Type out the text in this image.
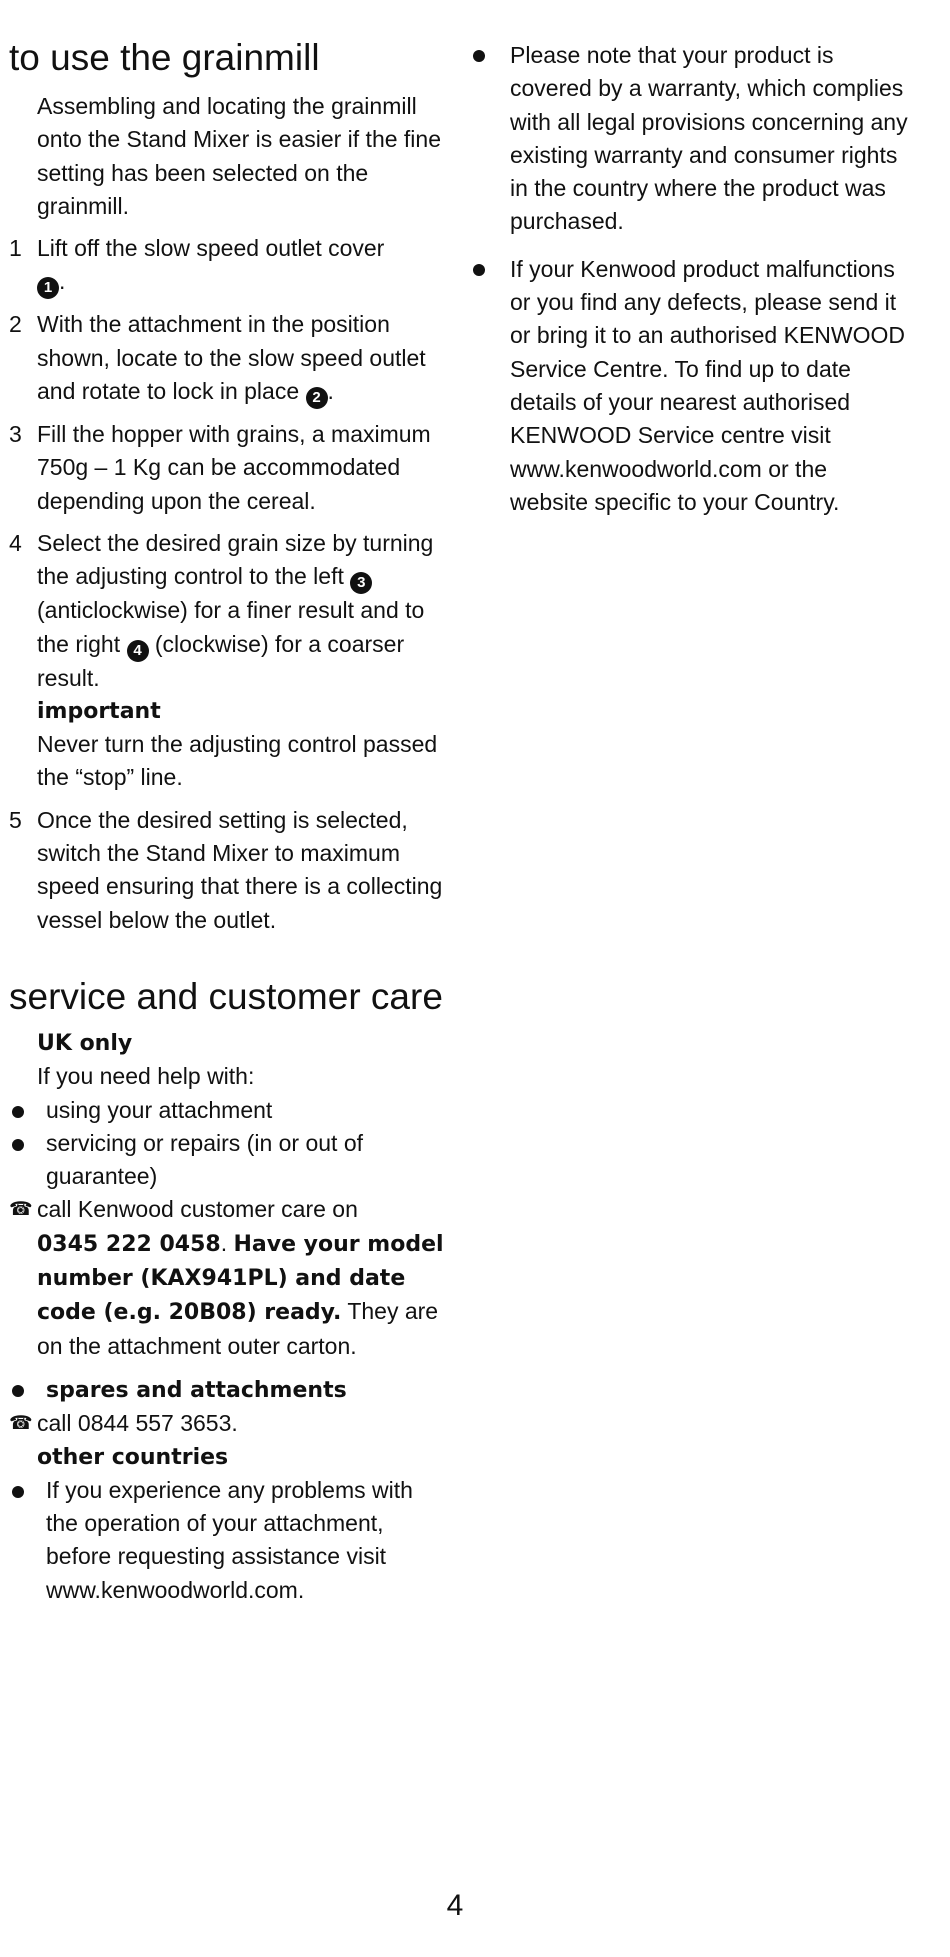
to use the grainmill

Assembling and locating the grainmill onto the Stand Mixer is easier if the fine setting has been selected on the grainmill.

1 Lift off the slow speed outlet cover
1 .
2 With the attachment in the position shown, locate to the slow speed outlet and rotate to lock in place 2 .
3 Fill the hopper with grains, a maximum 750g – 1 Kg can be accommodated depending upon the cereal.
4 Select the desired grain size by turning the adjusting control to the left 3 (anticlockwise) for a finer result and to the right 4 (clockwise) for a coarser result.
important
Never turn the adjusting control passed the “stop” line.
5 Once the desired setting is selected, switch the Stand Mixer to maximum speed ensuring that there is a collecting vessel below the outlet.
service and customer care
UK only
If you need help with:
using your attachment
servicing or repairs (in or out of guarantee)
☎ call Kenwood customer care on
0345 222 0458. Have your model number (KAX941PL) and date code (e.g. 20B08) ready. They are on the attachment outer carton.
spares and attachments
☎ call 0844 557 3653.
other countries
If you experience any problems with the operation of your attachment, before requesting assistance visit www.kenwoodworld.com.
Please note that your product is covered by a warranty, which complies with all legal provisions concerning any existing warranty and consumer rights in the country where the product was purchased.
If your Kenwood product malfunctions or you find any defects, please send it or bring it to an authorised KENWOOD Service Centre. To find up to date details of your nearest authorised KENWOOD Service centre visit www.kenwoodworld.com or the website specific to your Country.
4
